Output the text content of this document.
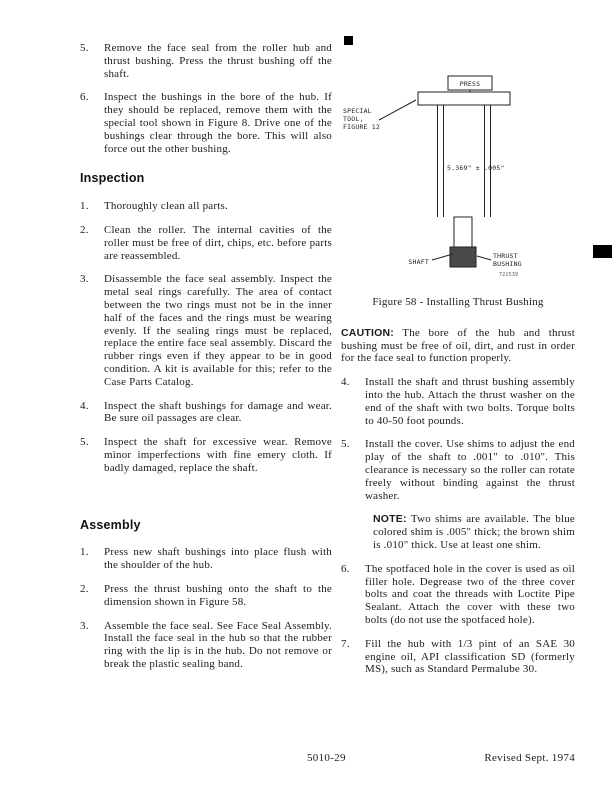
5.	Remove the face seal from the roller hub and thrust bushing. Press the thrust bushing off the shaft.
6.	Inspect the bushings in the bore of the hub. If they should be replaced, remove them with the special tool shown in Figure 8. Drive one of the bushings clear through the bore. This will also force out the other bushing.
Inspection
1.	Thoroughly clean all parts.
2.	Clean the roller. The internal cavities of the roller must be free of dirt, chips, etc. before parts are reassembled.
3.	Disassemble the face seal assembly. Inspect the metal seal rings carefully. The area of contact between the two rings must not be in the inner half of the faces and the rings must be wearing evenly. If the sealing rings must be replaced, replace the entire face seal assembly. Discard the rubber rings even if they appear to be in good condition. A kit is available for this; refer to the Case Parts Catalog.
4.	Inspect the shaft bushings for damage and wear. Be sure oil passages are clear.
5.	Inspect the shaft for excessive wear. Remove minor imperfections with fine emery cloth. If badly damaged, replace the shaft.
Assembly
1.	Press new shaft bushings into place flush with the shoulder of the hub.
2.	Press the thrust bushing onto the shaft to the dimension shown in Figure 58.
3.	Assemble the face seal. See Face Seal Assembly. Install the face seal in the hub so that the rubber ring with the lip is in the hub. Do not remove or break the plastic sealing band.
PRESS
5.369" ± .005"
SPECIAL
TOOL,
FIGURE 12
SHAFT
THRUST
BUSHING
721539
Figure 58 - Installing Thrust Bushing
CAUTION: The bore of the hub and thrust bushing must be free of oil, dirt, and rust in order for the face seal to function properly.
4.	Install the shaft and thrust bushing assembly into the hub. Attach the thrust washer on the end of the shaft with two bolts. Torque bolts to 40-50 foot pounds.
5.	Install the cover. Use shims to adjust the end play of the shaft to .001" to .010". This clearance is necessary so the roller can rotate freely without binding against the thrust washer.
NOTE: Two shims are available. The blue colored shim is .005" thick; the brown shim is .010" thick. Use at least one shim.
6.	The spotfaced hole in the cover is used as oil filler hole. Degrease two of the three cover bolts and coat the threads with Loctite Pipe Sealant. Attach the cover with these two bolts (do not use the spotfaced hole).
7.	Fill the hub with 1/3 pint of an SAE 30 engine oil, API classification SD (formerly MS), such as Standard Permalube 30.
5010-29	Revised Sept. 1974
